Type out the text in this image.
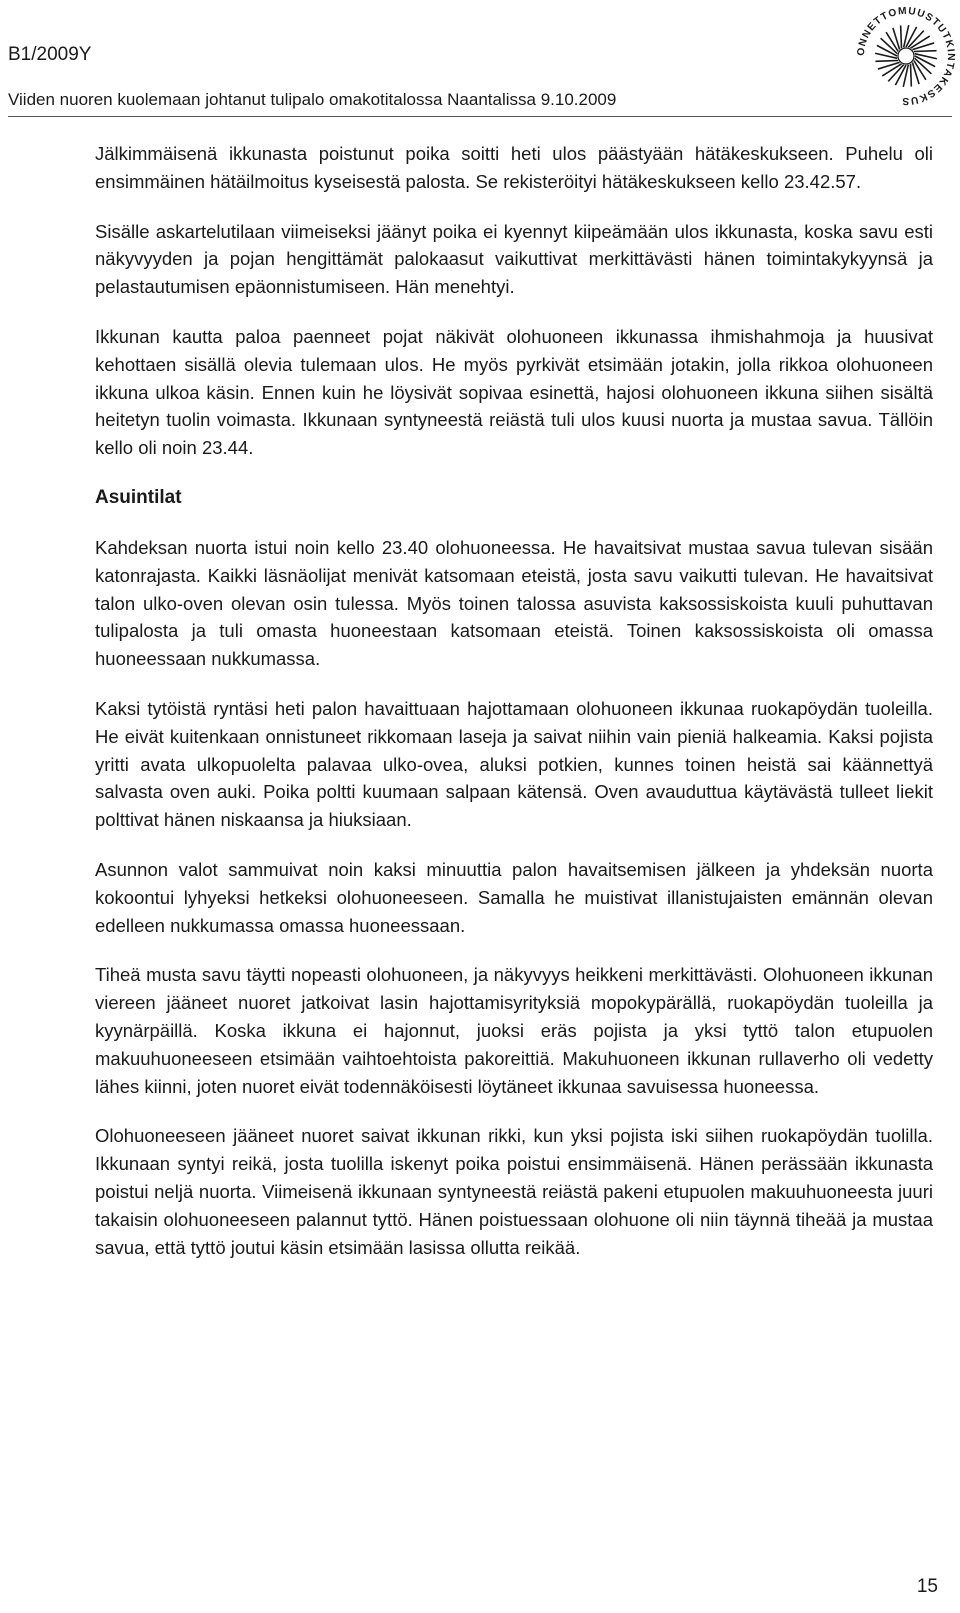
B1/2009Y
Viiden nuoren kuolemaan johtanut tulipalo omakotitalossa Naantalissa 9.10.2009
ONNETTOMUUSTUTKINTAKESKUS

Jälkimmäisenä ikkunasta poistunut poika soitti heti ulos päästyään hätäkeskukseen. Puhelu oli ensimmäinen hätäilmoitus kyseisestä palosta. Se rekisteröityi hätäkeskukseen kello 23.42.57.

Sisälle askartelutilaan viimeiseksi jäänyt poika ei kyennyt kiipeämään ulos ikkunasta, koska savu esti näkyvyyden ja pojan hengittämät palokaasut vaikuttivat merkittävästi hänen toimintakykyynsä ja pelastautumisen epäonnistumiseen. Hän menehtyi.

Ikkunan kautta paloa paenneet pojat näkivät olohuoneen ikkunassa ihmishahmoja ja huusivat kehottaen sisällä olevia tulemaan ulos. He myös pyrkivät etsimään jotakin, jolla rikkoa olohuoneen ikkuna ulkoa käsin. Ennen kuin he löysivät sopivaa esinettä, hajosi olohuoneen ikkuna siihen sisältä heitetyn tuolin voimasta. Ikkunaan syntyneestä reiästä tuli ulos kuusi nuorta ja mustaa savua. Tällöin kello oli noin 23.44.

Asuintilat

Kahdeksan nuorta istui noin kello 23.40 olohuoneessa. He havaitsivat mustaa savua tulevan sisään katonrajasta. Kaikki läsnäolijat menivät katsomaan eteistä, josta savu vaikutti tulevan. He havaitsivat talon ulko-oven olevan osin tulessa. Myös toinen talossa asuvista kaksossiskoista kuuli puhuttavan tulipalosta ja tuli omasta huoneestaan katsomaan eteistä. Toinen kaksossiskoista oli omassa huoneessaan nukkumassa.

Kaksi tytöistä ryntäsi heti palon havaittuaan hajottamaan olohuoneen ikkunaa ruokapöydän tuoleilla. He eivät kuitenkaan onnistuneet rikkomaan laseja ja saivat niihin vain pieniä halkeamia. Kaksi pojista yritti avata ulkopuolelta palavaa ulko-ovea, aluksi potkien, kunnes toinen heistä sai käännettyä salvasta oven auki. Poika poltti kuumaan salpaan kätensä. Oven avauduttua käytävästä tulleet liekit polttivat hänen niskaansa ja hiuksiaan.

Asunnon valot sammuivat noin kaksi minuuttia palon havaitsemisen jälkeen ja yhdeksän nuorta kokoontui lyhyeksi hetkeksi olohuoneeseen. Samalla he muistivat illanistujaisten emännän olevan edelleen nukkumassa omassa huoneessaan.

Tiheä musta savu täytti nopeasti olohuoneen, ja näkyvyys heikkeni merkittävästi. Olohuoneen ikkunan viereen jääneet nuoret jatkoivat lasin hajottamisyrityksiä mopokypärällä, ruokapöydän tuoleilla ja kyynärpäillä. Koska ikkuna ei hajonnut, juoksi eräs pojista ja yksi tyttö talon etupuolen makuuhuoneeseen etsimään vaihtoehtoista pakoreittiä. Makuhuoneen ikkunan rullaverho oli vedetty lähes kiinni, joten nuoret eivät todennäköisesti löytäneet ikkunaa savuisessa huoneessa.

Olohuoneeseen jääneet nuoret saivat ikkunan rikki, kun yksi pojista iski siihen ruokapöydän tuolilla. Ikkunaan syntyi reikä, josta tuolilla iskenyt poika poistui ensimmäisenä. Hänen perässään ikkunasta poistui neljä nuorta. Viimeisenä ikkunaan syntyneestä reiästä pakeni etupuolen makuuhuoneesta juuri takaisin olohuoneeseen palannut tyttö. Hänen poistuessaan olohuone oli niin täynnä tiheää ja mustaa savua, että tyttö joutui käsin etsimään lasissa ollutta reikää.

15
